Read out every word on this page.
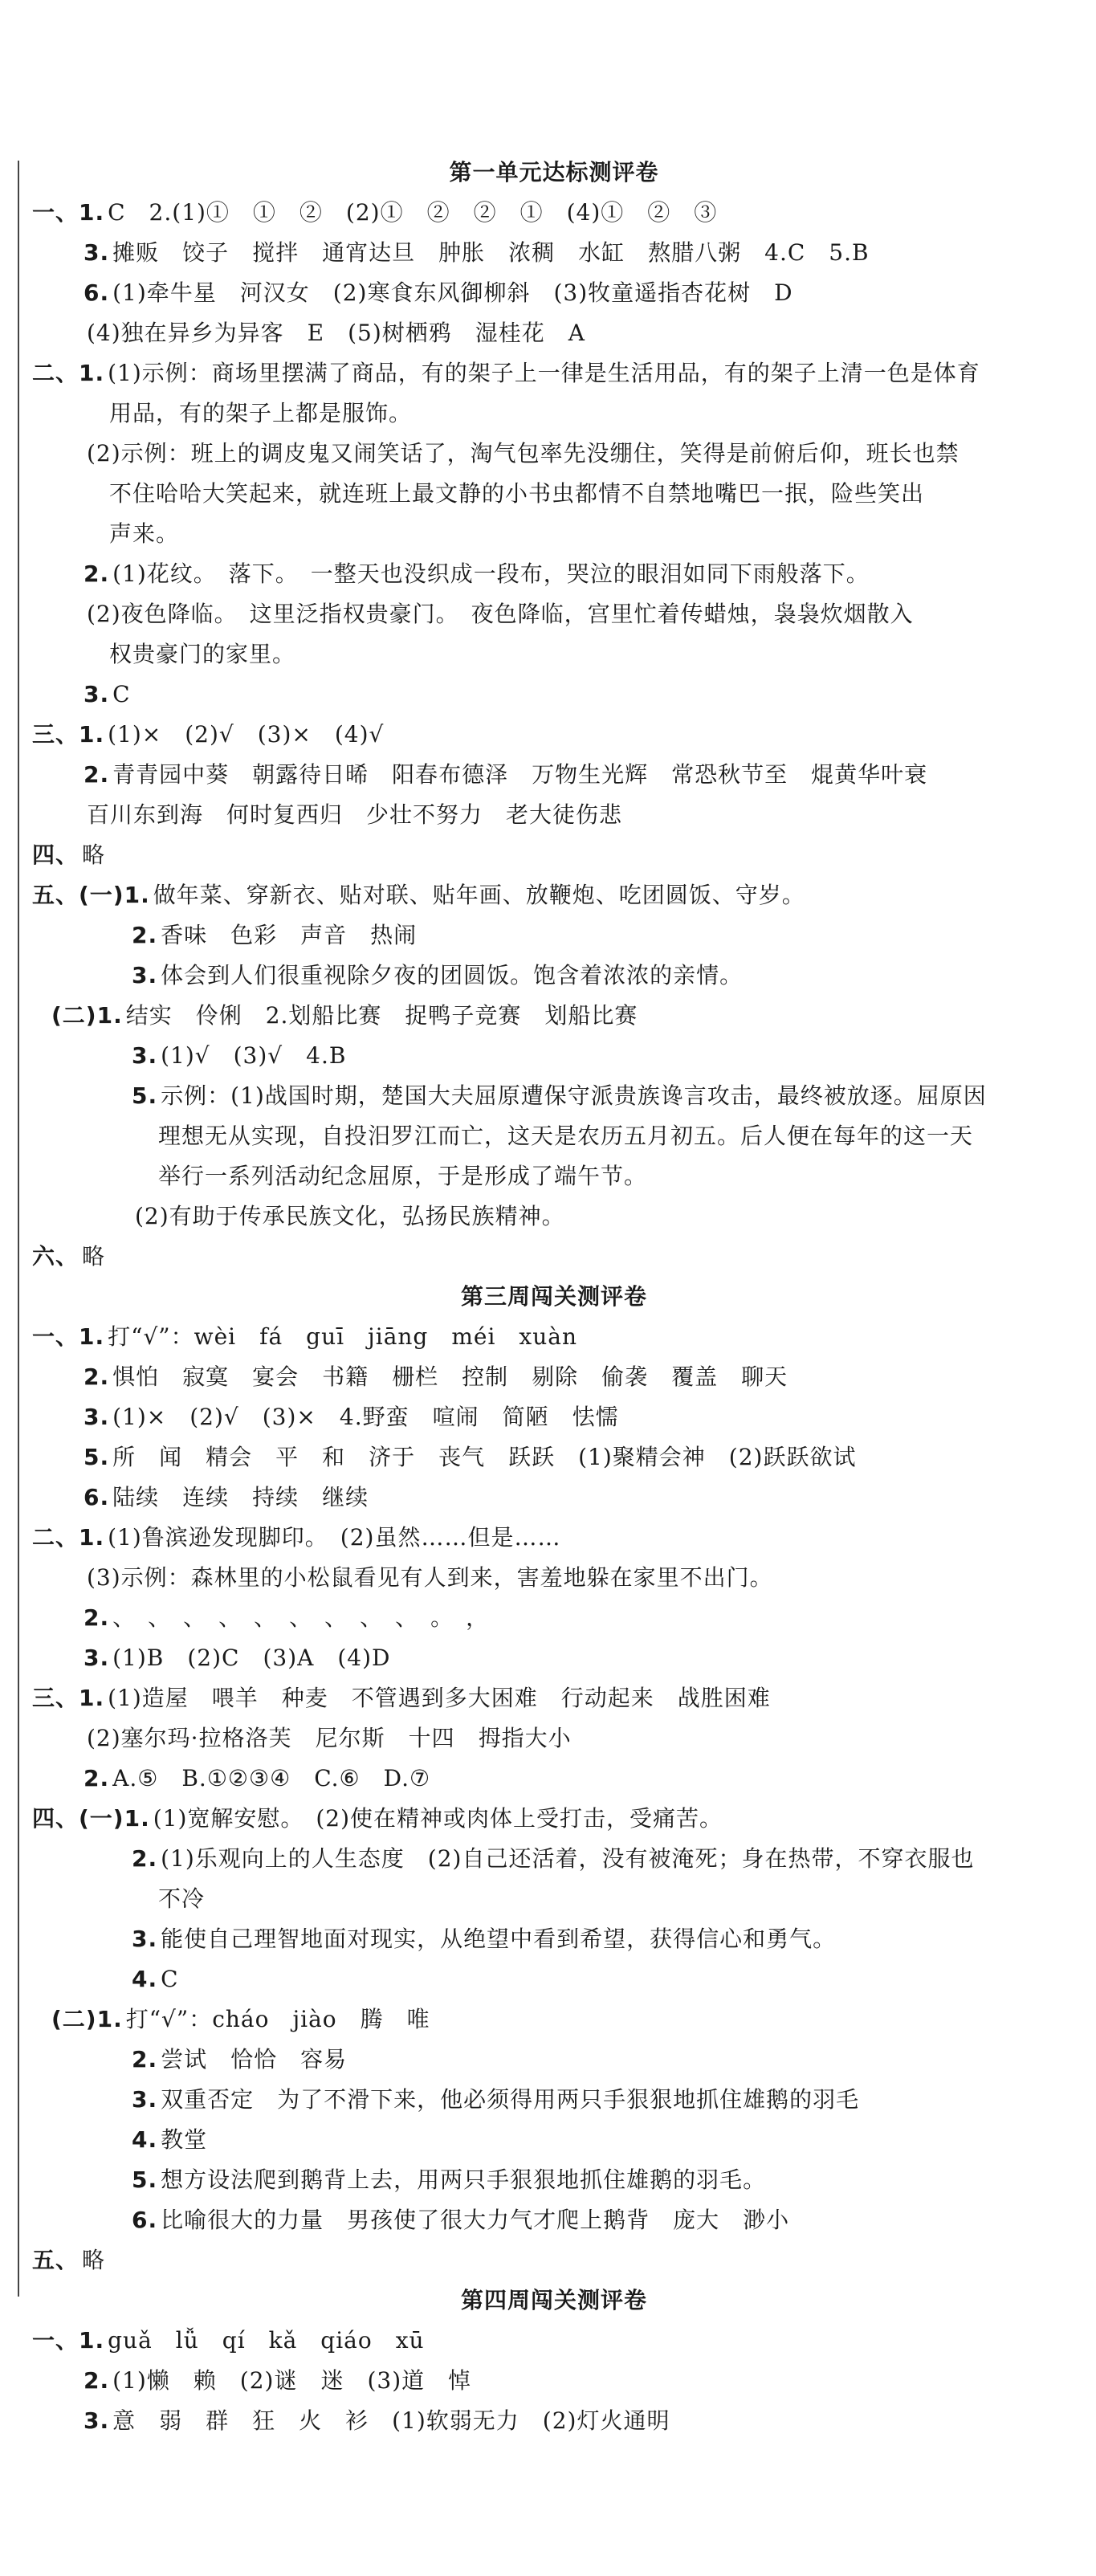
第一单元达标测评卷
一、1. C　2.(1)①　①　②　(2)①　②　②　①　(4)①　②　③
3. 摊贩　饺子　搅拌　通宵达旦　肿胀　浓稠　水缸　熬腊八粥　4.C　5.B
6. (1)牵牛星　河汉女　(2)寒食东风御柳斜　(3)牧童遥指杏花树　D
(4)独在异乡为异客　E　(5)树栖鸦　湿桂花　A
二、1. (1)示例：商场里摆满了商品，有的架子上一律是生活用品，有的架子上清一色是体育
用品，有的架子上都是服饰。
(2)示例：班上的调皮鬼又闹笑话了，淘气包率先没绷住，笑得是前俯后仰，班长也禁
不住哈哈大笑起来，就连班上最文静的小书虫都情不自禁地嘴巴一抿，险些笑出
声来。
2. (1)花纹。　落下。　一整天也没织成一段布，哭泣的眼泪如同下雨般落下。
(2)夜色降临。　这里泛指权贵豪门。　夜色降临，宫里忙着传蜡烛，袅袅炊烟散入
权贵豪门的家里。
3. C
三、1. (1)×　(2)√　(3)×　(4)√
2. 青青园中葵　朝露待日晞　阳春布德泽　万物生光辉　常恐秋节至　焜黄华叶衰
百川东到海　何时复西归　少壮不努力　老大徒伤悲
四、 略
五、(一)1. 做年菜、穿新衣、贴对联、贴年画、放鞭炮、吃团圆饭、守岁。
2. 香味　色彩　声音　热闹
3. 体会到人们很重视除夕夜的团圆饭。饱含着浓浓的亲情。
(二)1. 结实　伶俐　2.划船比赛　捉鸭子竞赛　划船比赛
3. (1)√　(3)√　4.B
5. 示例：(1)战国时期，楚国大夫屈原遭保守派贵族谗言攻击，最终被放逐。屈原因
　理想无从实现，自投汨罗江而亡，这天是农历五月初五。后人便在每年的这一天
　举行一系列活动纪念屈原，于是形成了端午节。
(2)有助于传承民族文化，弘扬民族精神。
六、 略
第三周闯关测评卷
一、1. 打“√”：wèi　fá　guī　jiāng　méi　xuàn
2. 惧怕　寂寞　宴会　书籍　栅栏　控制　剔除　偷袭　覆盖　聊天
3. (1)×　(2)√　(3)×　4.野蛮　喧闹　简陋　怯懦
5. 所　闻　精会　平　和　济于　丧气　跃跃　(1)聚精会神　(2)跃跃欲试
6. 陆续　连续　持续　继续
二、1. (1)鲁滨逊发现脚印。　(2)虽然……但是……
(3)示例：森林里的小松鼠看见有人到来，害羞地躲在家里不出门。
2. 、　、　、　、　、　、　、　、　、　。　，
3. (1)B　(2)C　(3)A　(4)D
三、1. (1)造屋　喂羊　种麦　不管遇到多大困难　行动起来　战胜困难
(2)塞尔玛·拉格洛芙　尼尔斯　十四　拇指大小
2. A.⑤　B.①②③④　C.⑥　D.⑦
四、(一)1. (1)宽解安慰。　(2)使在精神或肉体上受打击，受痛苦。
2. (1)乐观向上的人生态度　(2)自己还活着，没有被淹死；身在热带，不穿衣服也
　不冷
3. 能使自己理智地面对现实，从绝望中看到希望，获得信心和勇气。
4. C
(二)1. 打“√”：cháo　jiào　腾　唯
2. 尝试　恰恰　容易
3. 双重否定　为了不滑下来，他必须得用两只手狠狠地抓住雄鹅的羽毛
4. 教堂
5. 想方设法爬到鹅背上去，用两只手狠狠地抓住雄鹅的羽毛。
6. 比喻很大的力量　男孩使了很大力气才爬上鹅背　庞大　渺小
五、 略
第四周闯关测评卷
一、1. guǎ　lǚ　qí　kǎ　qiáo　xū
2. (1)懒　赖　(2)谜　迷　(3)道　悼
3. 意　弱　群　狂　火　衫　(1)软弱无力　(2)灯火通明
